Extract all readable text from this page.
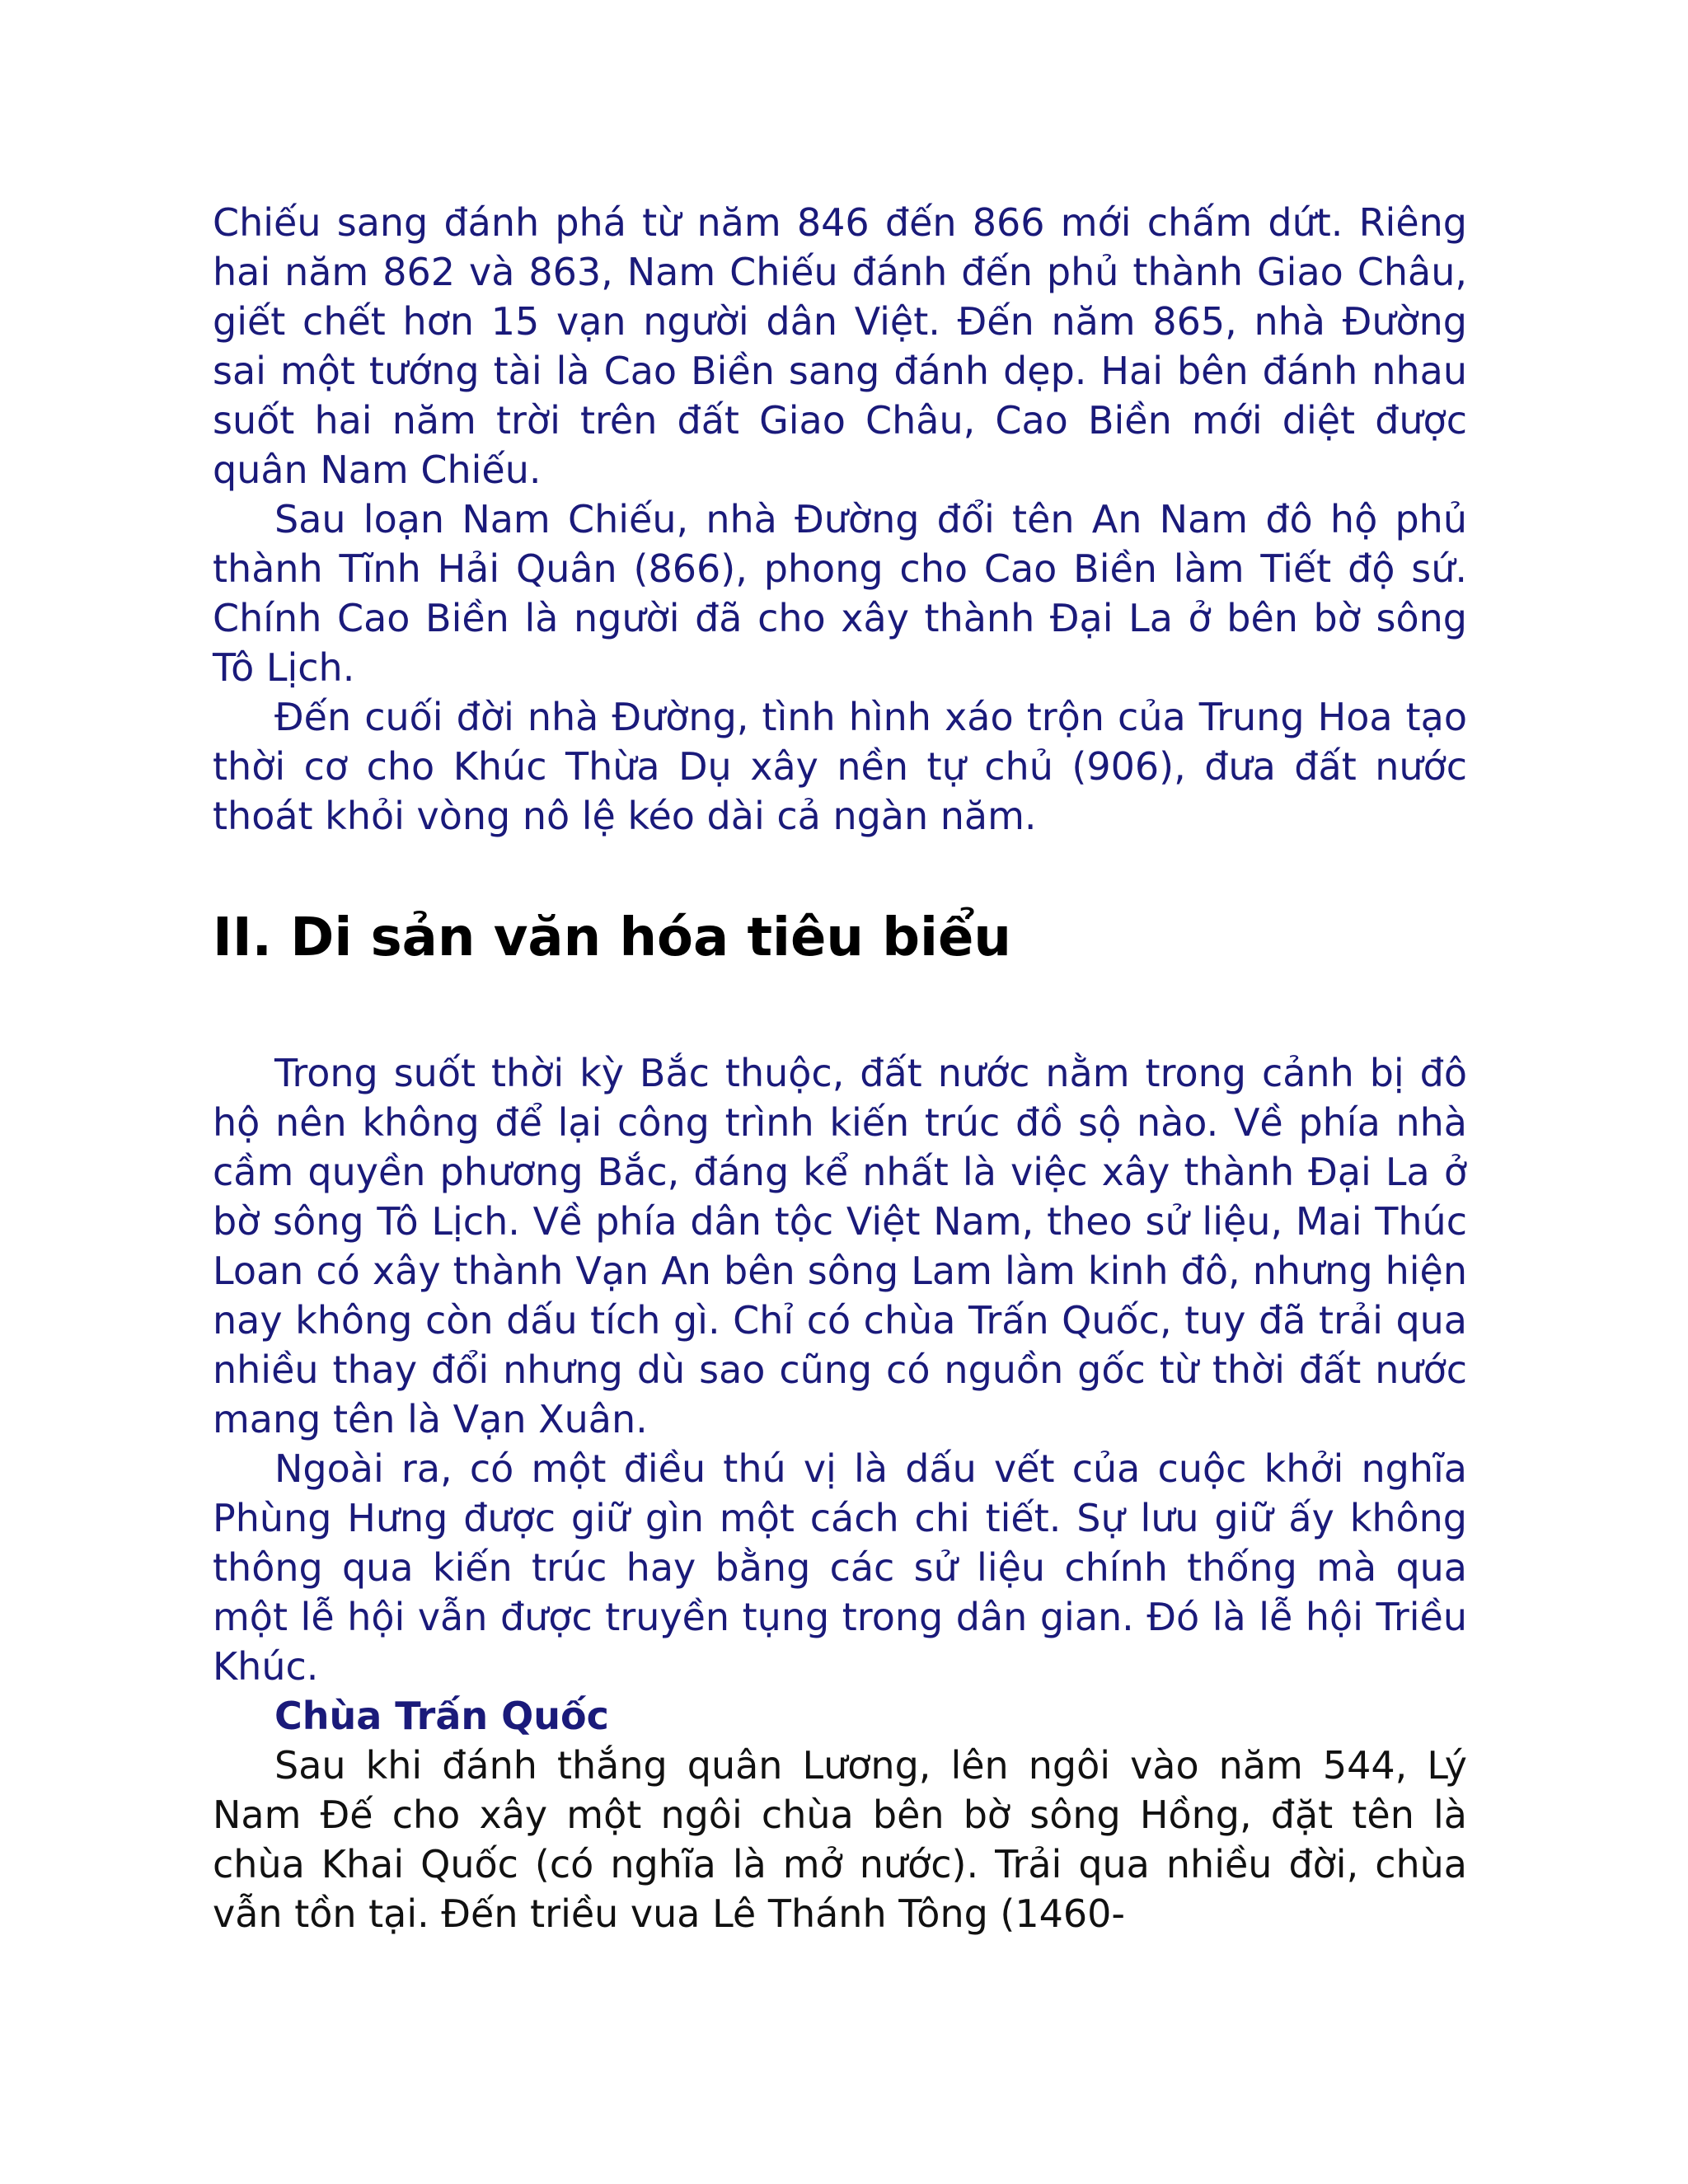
Chiếu sang đánh phá từ năm 846 đến 866 mới chấm dứt. Riêng hai năm 862 và 863, Nam Chiếu đánh đến phủ thành Giao Châu, giết chết hơn 15 vạn người dân Việt. Đến năm 865, nhà Đường sai một tướng tài là Cao Biền sang đánh dẹp. Hai bên đánh nhau suốt hai năm trời trên đất Giao Châu, Cao Biền mới diệt được quân Nam Chiếu.

Sau loạn Nam Chiếu, nhà Đường đổi tên An Nam đô hộ phủ thành Tĩnh Hải Quân (866), phong cho Cao Biền làm Tiết độ sứ. Chính Cao Biền là người đã cho xây thành Đại La ở bên bờ sông Tô Lịch.

Đến cuối đời nhà Đường, tình hình xáo trộn của Trung Hoa tạo thời cơ cho Khúc Thừa Dụ xây nền tự chủ (906), đưa đất nước thoát khỏi vòng nô lệ kéo dài cả ngàn năm.

II. Di sản văn hóa tiêu biểu

Trong suốt thời kỳ Bắc thuộc, đất nước nằm trong cảnh bị đô hộ nên không để lại công trình kiến trúc đồ sộ nào. Về phía nhà cầm quyền phương Bắc, đáng kể nhất là việc xây thành Đại La ở bờ sông Tô Lịch. Về phía dân tộc Việt Nam, theo sử liệu, Mai Thúc Loan có xây thành Vạn An bên sông Lam làm kinh đô, nhưng hiện nay không còn dấu tích gì. Chỉ có chùa Trấn Quốc, tuy đã trải qua nhiều thay đổi nhưng dù sao cũng có nguồn gốc từ thời đất nước mang tên là Vạn Xuân.

Ngoài ra, có một điều thú vị là dấu vết của cuộc khởi nghĩa Phùng Hưng được giữ gìn một cách chi tiết. Sự lưu giữ ấy không thông qua kiến trúc hay bằng các sử liệu chính thống mà qua một lễ hội vẫn được truyền tụng trong dân gian. Đó là lễ hội Triều Khúc.

Chùa Trấn Quốc

Sau khi đánh thắng quân Lương, lên ngôi vào năm 544, Lý Nam Đế cho xây một ngôi chùa bên bờ sông Hồng, đặt tên là chùa Khai Quốc (có nghĩa là mở nước). Trải qua nhiều đời, chùa vẫn tồn tại. Đến triều vua Lê Thánh Tông (1460-
